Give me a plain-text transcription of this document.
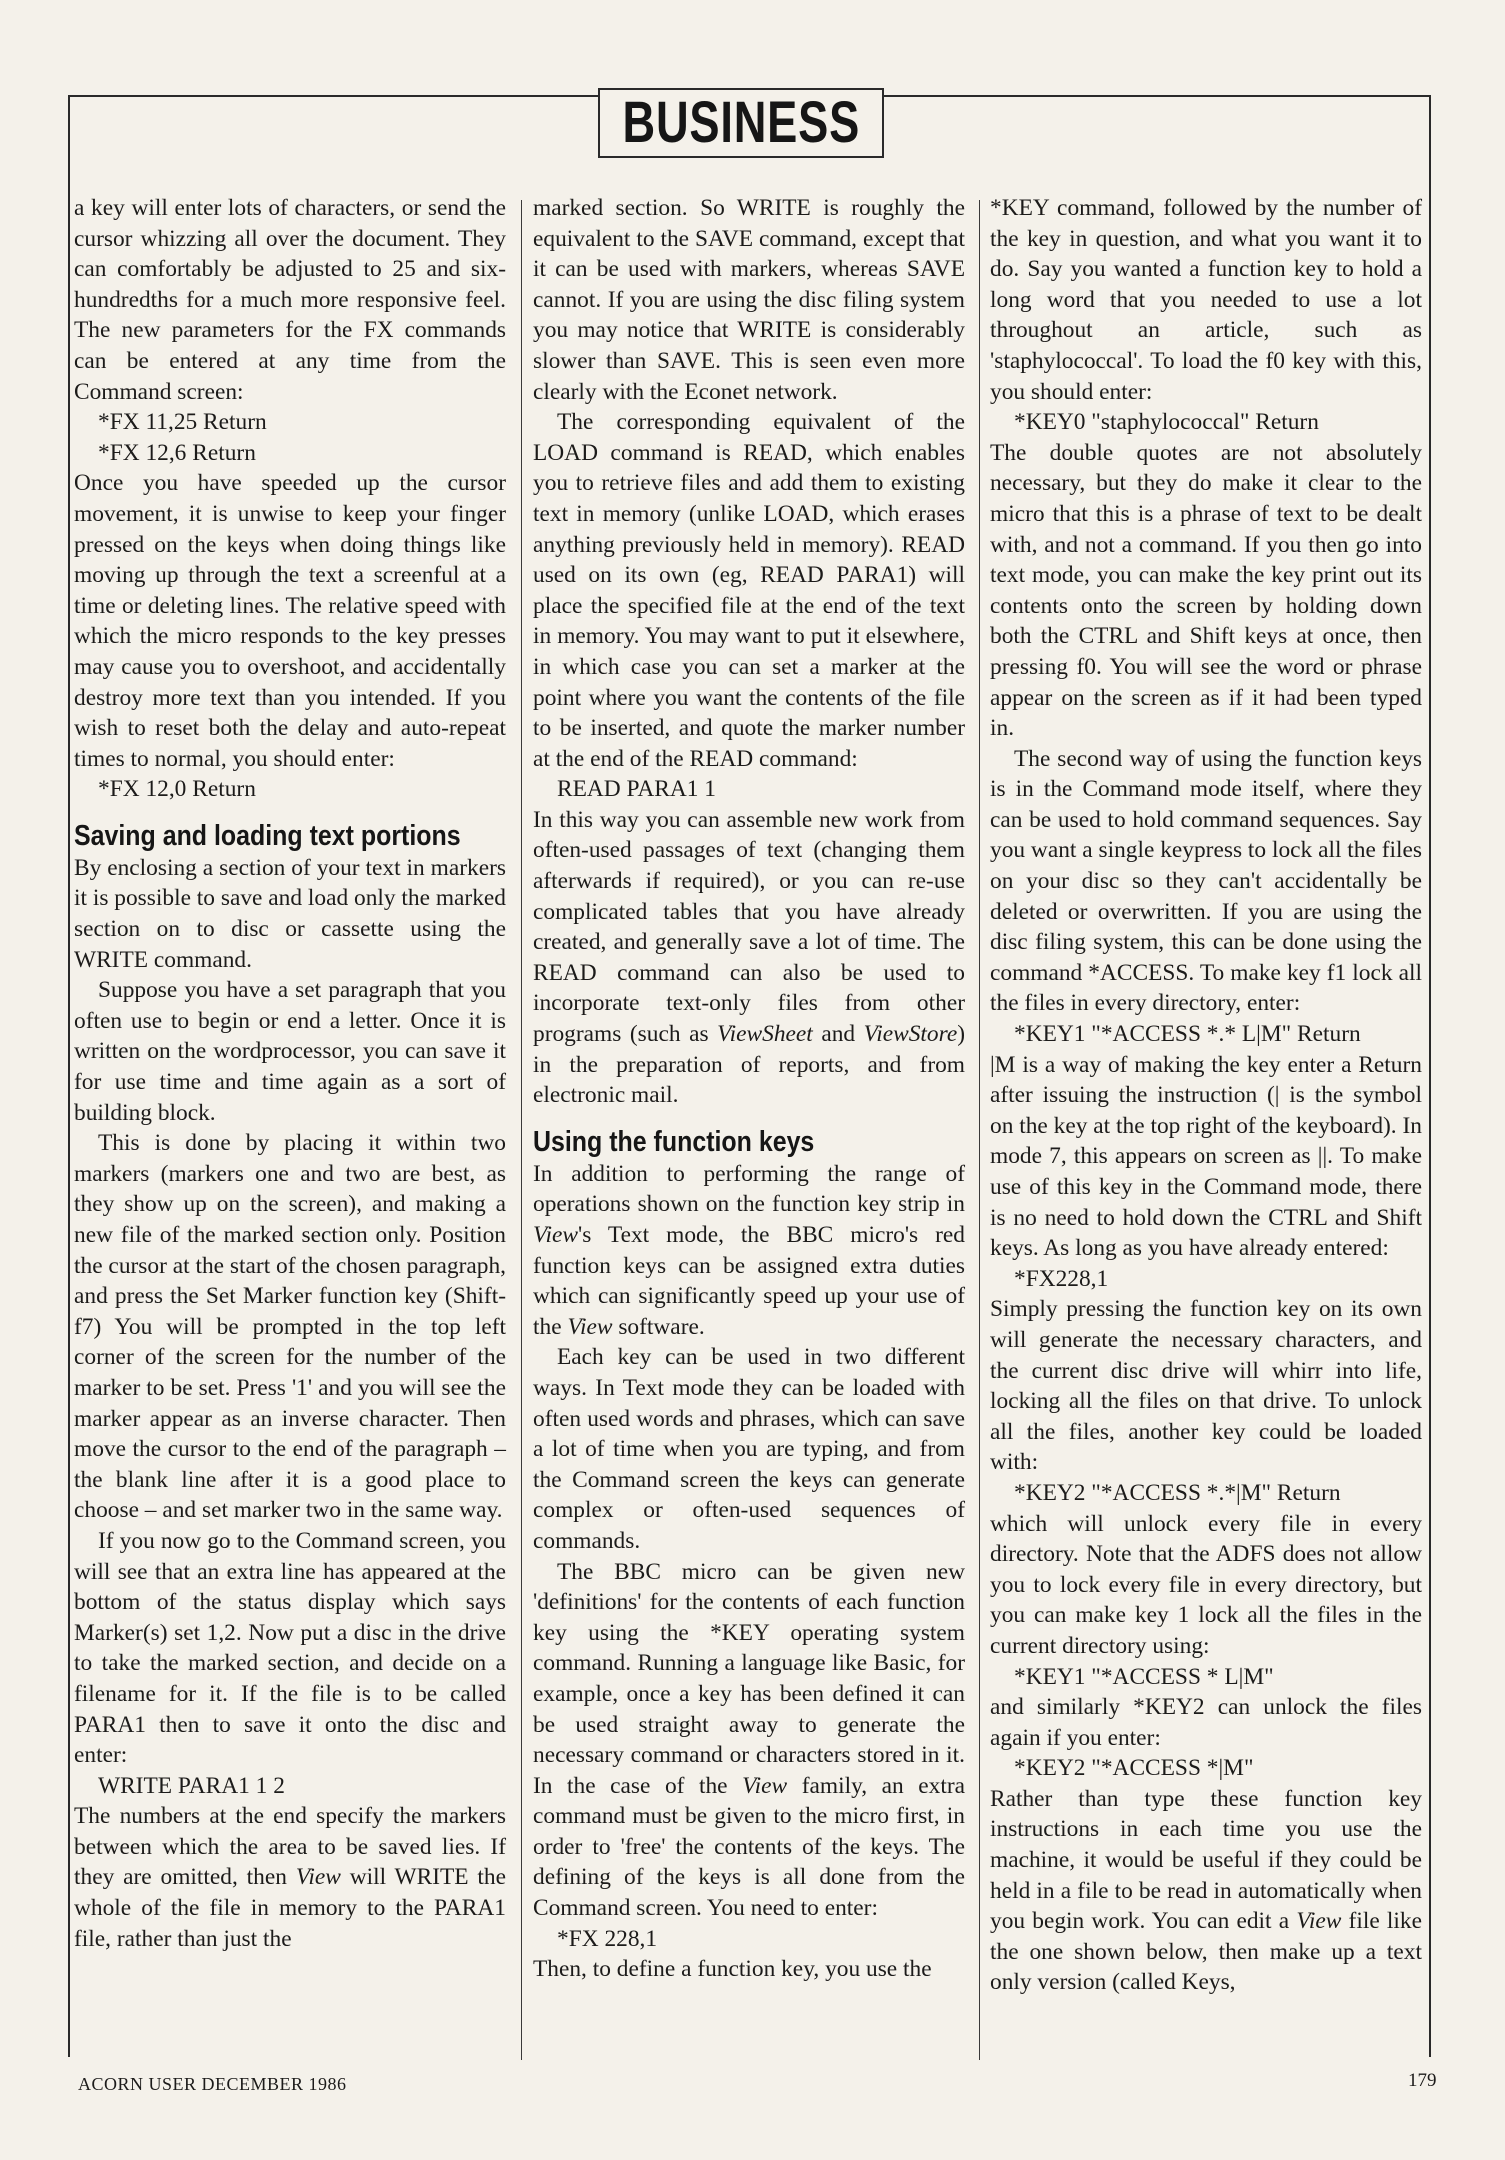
BUSINESS

a key will enter lots of characters, or send the cursor whizzing all over the document. They can comfortably be adjusted to 25 and six-hundredths for a much more responsive feel. The new parameters for the FX commands can be entered at any time from the Command screen:

*FX 11,25 Return

*FX 12,6 Return

Once you have speeded up the cursor movement, it is unwise to keep your finger pressed on the keys when doing things like moving up through the text a screenful at a time or deleting lines. The relative speed with which the micro responds to the key presses may cause you to overshoot, and accidentally destroy more text than you intended. If you wish to reset both the delay and auto-repeat times to normal, you should enter:

*FX 12,0 Return

Saving and loading text portions

By enclosing a section of your text in markers it is possible to save and load only the marked section on to disc or cassette using the WRITE command.

Suppose you have a set paragraph that you often use to begin or end a letter. Once it is written on the wordprocessor, you can save it for use time and time again as a sort of building block.

This is done by placing it within two markers (markers one and two are best, as they show up on the screen), and making a new file of the marked section only. Position the cursor at the start of the chosen paragraph, and press the Set Marker function key (Shift-f7) You will be prompted in the top left corner of the screen for the number of the marker to be set. Press '1' and you will see the marker appear as an inverse character. Then move the cursor to the end of the paragraph – the blank line after it is a good place to choose – and set marker two in the same way.

If you now go to the Command screen, you will see that an extra line has appeared at the bottom of the status display which says Marker(s) set 1,2. Now put a disc in the drive to take the marked section, and decide on a filename for it. If the file is to be called PARA1 then to save it onto the disc and enter:

WRITE PARA1 1 2

The numbers at the end specify the markers between which the area to be saved lies. If they are omitted, then View will WRITE the whole of the file in memory to the PARA1 file, rather than just the

marked section. So WRITE is roughly the equivalent to the SAVE command, except that it can be used with markers, whereas SAVE cannot. If you are using the disc filing system you may notice that WRITE is considerably slower than SAVE. This is seen even more clearly with the Econet network.

The corresponding equivalent of the LOAD command is READ, which enables you to retrieve files and add them to existing text in memory (unlike LOAD, which erases anything previously held in memory). READ used on its own (eg, READ PARA1) will place the specified file at the end of the text in memory. You may want to put it elsewhere, in which case you can set a marker at the point where you want the contents of the file to be inserted, and quote the marker number at the end of the READ command:

READ PARA1 1

In this way you can assemble new work from often-used passages of text (changing them afterwards if required), or you can re-use complicated tables that you have already created, and generally save a lot of time. The READ command can also be used to incorporate text-only files from other programs (such as ViewSheet and ViewStore) in the preparation of reports, and from electronic mail.

Using the function keys

In addition to performing the range of operations shown on the function key strip in View's Text mode, the BBC micro's red function keys can be assigned extra duties which can significantly speed up your use of the View software.

Each key can be used in two different ways. In Text mode they can be loaded with often used words and phrases, which can save a lot of time when you are typing, and from the Command screen the keys can generate complex or often-used sequences of commands.

The BBC micro can be given new 'definitions' for the contents of each function key using the *KEY operating system command. Running a language like Basic, for example, once a key has been defined it can be used straight away to generate the necessary command or characters stored in it. In the case of the View family, an extra command must be given to the micro first, in order to 'free' the contents of the keys. The defining of the keys is all done from the Command screen. You need to enter:

*FX 228,1

Then, to define a function key, you use the

*KEY command, followed by the number of the key in question, and what you want it to do. Say you wanted a function key to hold a long word that you needed to use a lot throughout an article, such as 'staphylococcal'. To load the f0 key with this, you should enter:

*KEY0 "staphylococcal" Return

The double quotes are not absolutely necessary, but they do make it clear to the micro that this is a phrase of text to be dealt with, and not a command. If you then go into text mode, you can make the key print out its contents onto the screen by holding down both the CTRL and Shift keys at once, then pressing f0. You will see the word or phrase appear on the screen as if it had been typed in.

The second way of using the function keys is in the Command mode itself, where they can be used to hold command sequences. Say you want a single keypress to lock all the files on your disc so they can't accidentally be deleted or overwritten. If you are using the disc filing system, this can be done using the command *ACCESS. To make key f1 lock all the files in every directory, enter:

*KEY1 "*ACCESS *.* L|M" Return

|M is a way of making the key enter a Return after issuing the instruction (| is the symbol on the key at the top right of the keyboard). In mode 7, this appears on screen as ||. To make use of this key in the Command mode, there is no need to hold down the CTRL and Shift keys. As long as you have already entered:

*FX228,1

Simply pressing the function key on its own will generate the necessary characters, and the current disc drive will whirr into life, locking all the files on that drive. To unlock all the files, another key could be loaded with:

*KEY2 "*ACCESS *.*|M" Return

which will unlock every file in every directory. Note that the ADFS does not allow you to lock every file in every directory, but you can make key 1 lock all the files in the current directory using:

*KEY1 "*ACCESS * L|M"

and similarly *KEY2 can unlock the files again if you enter:

*KEY2 "*ACCESS *|M"

Rather than type these function key instructions in each time you use the machine, it would be useful if they could be held in a file to be read in automatically when you begin work. You can edit a View file like the one shown below, then make up a text only version (called Keys,

ACORN USER DECEMBER 1986	179
